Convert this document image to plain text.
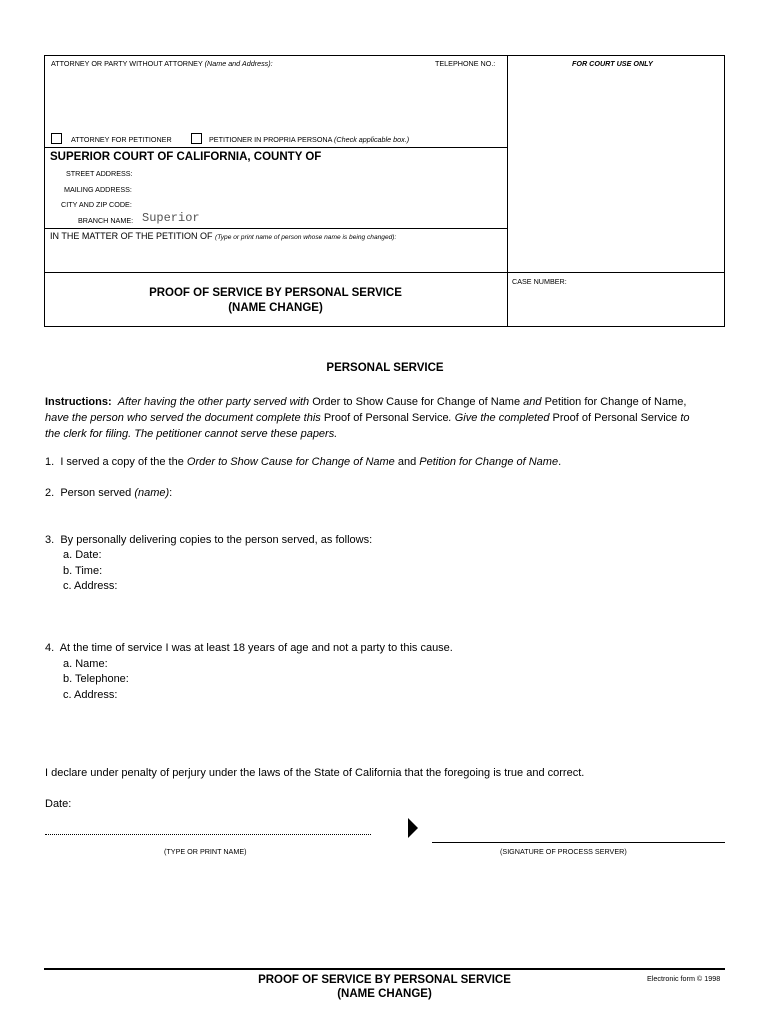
ATTORNEY OR PARTY WITHOUT ATTORNEY (Name and Address):	TELEPHONE NO.:	FOR COURT USE ONLY
ATTORNEY FOR PETITIONER	PETITIONER IN PROPRIA PERSONA (Check applicable box.)
SUPERIOR COURT OF CALIFORNIA, COUNTY OF
STREET ADDRESS:
MAILING ADDRESS:
CITY AND ZIP CODE:
BRANCH NAME: Superior
IN THE MATTER OF THE PETITION OF (Type or print name of person whose name is being changed):
CASE NUMBER:
PROOF OF SERVICE BY PERSONAL SERVICE
(NAME CHANGE)
PERSONAL SERVICE
Instructions: After having the other party served with Order to Show Cause for Change of Name and Petition for Change of Name,
have the person who served the document complete this Proof of Personal Service. Give the completed Proof of Personal Service to
the clerk for filing. The petitioner cannot serve these papers.
1. I served a copy of the the Order to Show Cause for Change of Name and Petition for Change of Name.
2. Person served (name):
3. By personally delivering copies to the person served, as follows:
a. Date:
b. Time:
c. Address:
4. At the time of service I was at least 18 years of age and not a party to this cause.
a. Name:
b. Telephone:
c. Address:
I declare under penalty of perjury under the laws of the State of California that the foregoing is true and correct.
Date:
(TYPE OR PRINT NAME)	(SIGNATURE OF PROCESS SERVER)
PROOF OF SERVICE BY PERSONAL SERVICE
(NAME CHANGE)
Electronic form © 1998
